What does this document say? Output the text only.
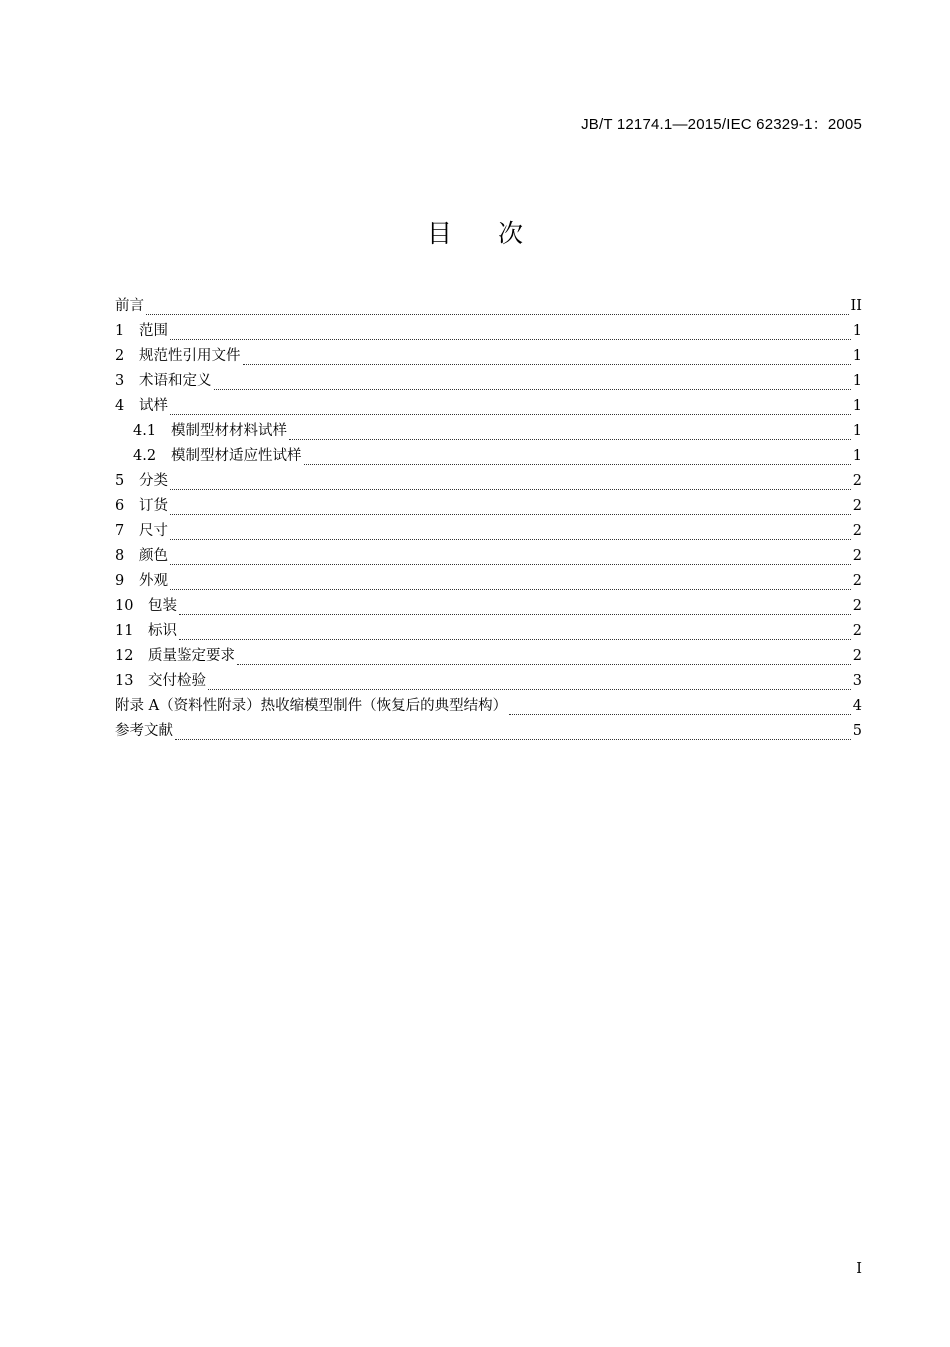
JB/T 12174.1—2015/IEC 62329-1：2005
目次
前言	II
1	范围	1
2	规范性引用文件	1
3	术语和定义	1
4	试样	1
4.1	模制型材材料试样	1
4.2	模制型材适应性试样	1
5	分类	2
6	订货	2
7	尺寸	2
8	颜色	2
9	外观	2
10	包装	2
11	标识	2
12	质量鉴定要求	2
13	交付检验	3
附录 A（资料性附录）热收缩模型制件（恢复后的典型结构）	4
参考文献	5
I
